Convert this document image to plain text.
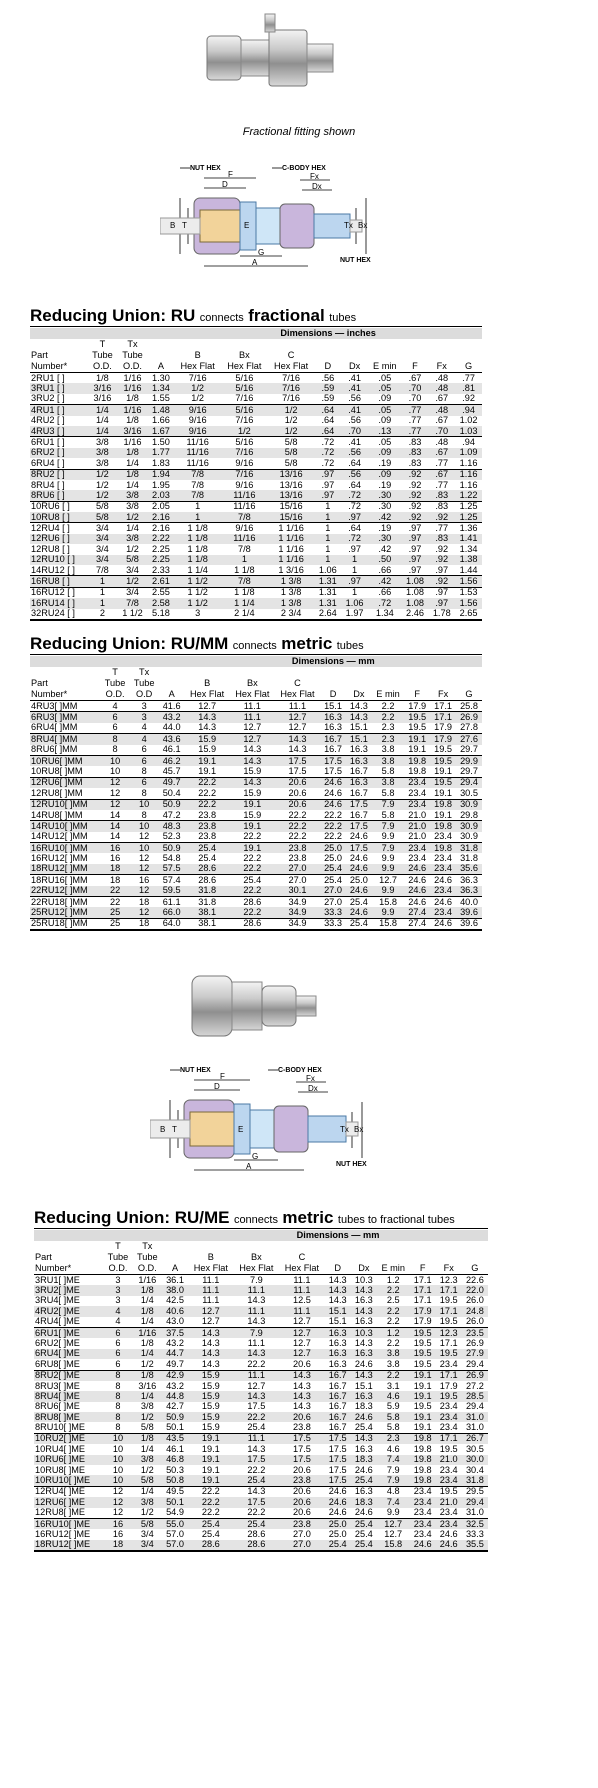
Fractional fitting shown
NUT HEX	C-BODY HEX
F	Fx
D	Dx
B T	E	Tx Bx
G
A	NUT HEX
Reducing Union: RU connects fractional tubes
				Dimensions — inches								
	T	Tx										
Part	Tube	Tube		B	Bx	C						
Number*	O.D.	O.D.	A	Hex Flat	Hex Flat	Hex Flat	D	Dx	E min	F	Fx	G
2RU1 [ ]	1/8	1/16	1.30	7/16	5/16	7/16	.56	.41	.05	.67	.48	.77
3RU1 [ ]	3/16	1/16	1.34	1/2	5/16	7/16	.59	.41	.05	.70	.48	.81
3RU2 [ ]	3/16	1/8	1.55	1/2	7/16	7/16	.59	.56	.09	.70	.67	.92
4RU1 [ ]	1/4	1/16	1.48	9/16	5/16	1/2	.64	.41	.05	.77	.48	.94
4RU2 [ ]	1/4	1/8	1.66	9/16	7/16	1/2	.64	.56	.09	.77	.67	1.02
4RU3 [ ]	1/4	3/16	1.67	9/16	1/2	1/2	.64	.70	.13	.77	.70	1.03
6RU1 [ ]	3/8	1/16	1.50	11/16	5/16	5/8	.72	.41	.05	.83	.48	.94
6RU2 [ ]	3/8	1/8	1.77	11/16	7/16	5/8	.72	.56	.09	.83	.67	1.09
6RU4 [ ]	3/8	1/4	1.83	11/16	9/16	5/8	.72	.64	.19	.83	.77	1.16
8RU2 [ ]	1/2	1/8	1.94	7/8	7/16	13/16	.97	.56	.09	.92	.67	1.16
8RU4 [ ]	1/2	1/4	1.95	7/8	9/16	13/16	.97	.64	.19	.92	.77	1.16
8RU6 [ ]	1/2	3/8	2.03	7/8	11/16	13/16	.97	.72	.30	.92	.83	1.22
10RU6 [ ]	5/8	3/8	2.05	1	11/16	15/16	1	.72	.30	.92	.83	1.25
10RU8 [ ]	5/8	1/2	2.16	1	7/8	15/16	1	.97	.42	.92	.92	1.25
12RU4 [ ]	3/4	1/4	2.16	1 1/8	9/16	1 1/16	1	.64	.19	.97	.77	1.36
12RU6 [ ]	3/4	3/8	2.22	1 1/8	11/16	1 1/16	1	.72	.30	.97	.83	1.41
12RU8 [ ]	3/4	1/2	2.25	1 1/8	7/8	1 1/16	1	.97	.42	.97	.92	1.34
12RU10 [ ]	3/4	5/8	2.25	1 1/8	1	1 1/16	1	1	.50	.97	.92	1.38
14RU12 [ ]	7/8	3/4	2.33	1 1/4	1 1/8	1 3/16	1.06	1	.66	.97	.97	1.44
16RU8 [ ]	1	1/2	2.61	1 1/2	7/8	1 3/8	1.31	.97	.42	1.08	.92	1.56
16RU12 [ ]	1	3/4	2.55	1 1/2	1 1/8	1 3/8	1.31	1	.66	1.08	.97	1.53
16RU14 [ ]	1	7/8	2.58	1 1/2	1 1/4	1 3/8	1.31	1.06	.72	1.08	.97	1.56
32RU24 [ ]	2	1 1/2	5.18	3	2 1/4	2 3/4	2.64	1.97	1.34	2.46	1.78	2.65
Reducing Union: RU/MM connects metric tubes
				Dimensions — mm								
	T	Tx										
Part	Tube	Tube		B	Bx	C						
Number*	O.D.	O.D	A	Hex Flat	Hex Flat	Hex Flat	D	Dx	E min	F	Fx	G
4RU3[ ]MM	4	3	41.6	12.7	11.1	11.1	15.1	14.3	2.2	17.9	17.1	25.8
6RU3[ ]MM	6	3	43.2	14.3	11.1	12.7	16.3	14.3	2.2	19.5	17.1	26.9
6RU4[ ]MM	6	4	44.0	14.3	12.7	12.7	16.3	15.1	2.3	19.5	17.9	27.8
8RU4[ ]MM	8	4	43.6	15.9	12.7	14.3	16.7	15.1	2.3	19.1	17.9	27.6
8RU6[ ]MM	8	6	46.1	15.9	14.3	14.3	16.7	16.3	3.8	19.1	19.5	29.7
10RU6[ ]MM	10	6	46.2	19.1	14.3	17.5	17.5	16.3	3.8	19.8	19.5	29.9
10RU8[ ]MM	10	8	45.7	19.1	15.9	17.5	17.5	16.7	5.8	19.8	19.1	29.7
12RU6[ ]MM	12	6	49.7	22.2	14.3	20.6	24.6	16.3	3.8	23.4	19.5	29.4
12RU8[ ]MM	12	8	50.4	22.2	15.9	20.6	24.6	16.7	5.8	23.4	19.1	30.5
12RU10[ ]MM	12	10	50.9	22.2	19.1	20.6	24.6	17.5	7.9	23.4	19.8	30.9
14RU8[ ]MM	14	8	47.2	23.8	15.9	22.2	22.2	16.7	5.8	21.0	19.1	29.8
14RU10[ ]MM	14	10	48.3	23.8	19.1	22.2	22.2	17.5	7.9	21.0	19.8	30.9
14RU12[ ]MM	14	12	52.3	23.8	22.2	22.2	22.2	24.6	9.9	21.0	23.4	30.9
16RU10[ ]MM	16	10	50.9	25.4	19.1	23.8	25.0	17.5	7.9	23.4	19.8	31.8
16RU12[ ]MM	16	12	54.8	25.4	22.2	23.8	25.0	24.6	9.9	23.4	23.4	31.8
18RU12[ ]MM	18	12	57.5	28.6	22.2	27.0	25.4	24.6	9.9	24.6	23.4	35.6
18RU16[ ]MM	18	16	57.4	28.6	25.4	27.0	25.4	25.0	12.7	24.6	24.6	36.3
22RU12[ ]MM	22	12	59.5	31.8	22.2	30.1	27.0	24.6	9.9	24.6	23.4	36.3
22RU18[ ]MM	22	18	61.1	31.8	28.6	34.9	27.0	25.4	15.8	24.6	24.6	40.0
25RU12[ ]MM	25	12	66.0	38.1	22.2	34.9	33.3	24.6	9.9	27.4	23.4	39.6
25RU18[ ]MM	25	18	64.0	38.1	28.6	34.9	33.3	25.4	15.8	27.4	24.6	39.6
NUT HEX	C-BODY HEX
F	Fx
D	Dx
B T	E	Tx Bx
G
A	NUT HEX
Reducing Union: RU/ME connects metric tubes to fractional tubes
				Dimensions — mm								
	T	Tx										
Part	Tube	Tube		B	Bx	C						
Number*	O.D.	O.D.	A	Hex Flat	Hex Flat	Hex Flat	D	Dx	E min	F	Fx	G
3RU1[ ]ME	3	1/16	36.1	11.1	7.9	11.1	14.3	10.3	1.2	17.1	12.3	22.6
3RU2[ ]ME	3	1/8	38.0	11.1	11.1	11.1	14.3	14.3	2.2	17.1	17.1	22.0
3RU4[ ]ME	3	1/4	42.5	11.1	14.3	12.5	14.3	16.3	2.5	17.1	19.5	26.0
4RU2[ ]ME	4	1/8	40.6	12.7	11.1	11.1	15.1	14.3	2.2	17.9	17.1	24.8
4RU4[ ]ME	4	1/4	43.0	12.7	14.3	12.7	15.1	16.3	2.2	17.9	19.5	26.0
6RU1[ ]ME	6	1/16	37.5	14.3	7.9	12.7	16.3	10.3	1.2	19.5	12.3	23.5
6RU2[ ]ME	6	1/8	43.2	14.3	11.1	12.7	16.3	14.3	2.2	19.5	17.1	26.9
6RU4[ ]ME	6	1/4	44.7	14.3	14.3	12.7	16.3	16.3	3.8	19.5	19.5	27.9
6RU8[ ]ME	6	1/2	49.7	14.3	22.2	20.6	16.3	24.6	3.8	19.5	23.4	29.4
8RU2[ ]ME	8	1/8	42.9	15.9	11.1	14.3	16.7	14.3	2.2	19.1	17.1	26.9
8RU3[ ]ME	8	3/16	43.2	15.9	12.7	14.3	16.7	15.1	3.1	19.1	17.9	27.2
8RU4[ ]ME	8	1/4	44.8	15.9	14.3	14.3	16.7	16.3	4.6	19.1	19.5	28.5
8RU6[ ]ME	8	3/8	42.7	15.9	17.5	14.3	16.7	18.3	5.9	19.5	23.4	29.4
8RU8[ ]ME	8	1/2	50.9	15.9	22.2	20.6	16.7	24.6	5.8	19.1	23.4	31.0
8RU10[ ]ME	8	5/8	50.1	15.9	25.4	23.8	16.7	25.4	5.8	19.1	23.4	31.0
10RU2[ ]ME	10	1/8	43.5	19.1	11.1	17.5	17.5	14.3	2.3	19.8	17.1	26.7
10RU4[ ]ME	10	1/4	46.1	19.1	14.3	17.5	17.5	16.3	4.6	19.8	19.5	30.5
10RU6[ ]ME	10	3/8	46.8	19.1	17.5	17.5	17.5	18.3	7.4	19.8	21.0	30.0
10RU8[ ]ME	10	1/2	50.3	19.1	22.2	20.6	17.5	24.6	7.9	19.8	23.4	30.4
10RU10[ ]ME	10	5/8	50.8	19.1	25.4	23.8	17.5	25.4	7.9	19.8	23.4	31.8
12RU4[ ]ME	12	1/4	49.5	22.2	14.3	20.6	24.6	16.3	4.8	23.4	19.5	29.5
12RU6[ ]ME	12	3/8	50.1	22.2	17.5	20.6	24.6	18.3	7.4	23.4	21.0	29.4
12RU8[ ]ME	12	1/2	54.9	22.2	22.2	20.6	24.6	24.6	9.9	23.4	23.4	31.0
16RU10[ ]ME	16	5/8	55.0	25.4	25.4	23.8	25.0	25.4	12.7	23.4	23.4	32.5
16RU12[ ]ME	16	3/4	57.0	25.4	28.6	27.0	25.0	25.4	12.7	23.4	24.6	33.3
18RU12[ ]ME	18	3/4	57.0	28.6	28.6	27.0	25.4	25.4	15.8	24.6	24.6	35.5
